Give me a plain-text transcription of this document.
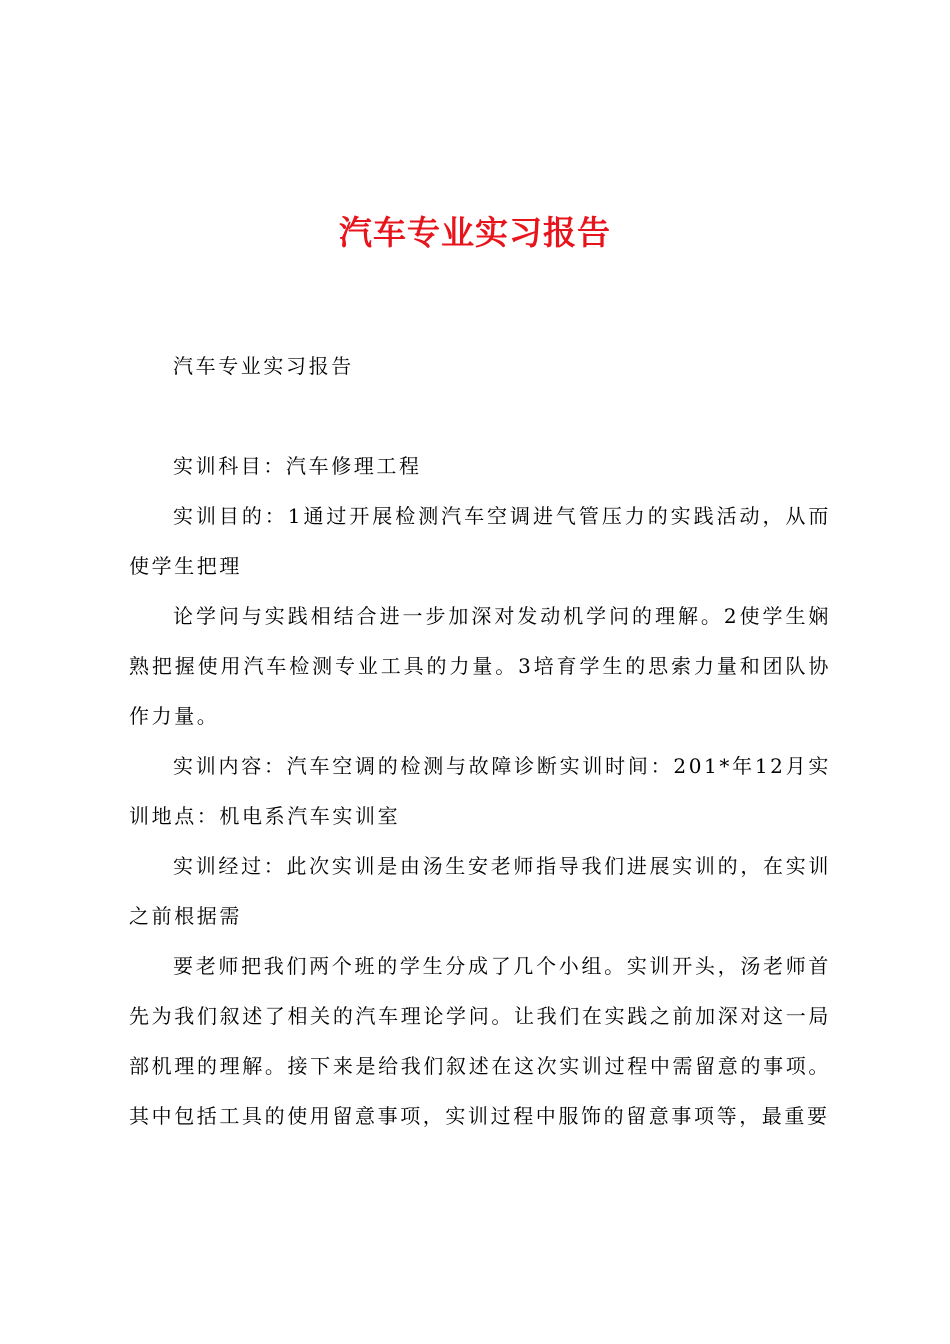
汽车专业实习报告

汽车专业实习报告

实训科目：汽车修理工程

实训目的：1通过开展检测汽车空调进气管压力的实践活动，从而使学生把理

论学问与实践相结合进一步加深对发动机学问的理解。2使学生娴熟把握使用汽车检测专业工具的力量。3培育学生的思索力量和团队协作力量。

实训内容：汽车空调的检测与故障诊断实训时间：201*年12月实训地点：机电系汽车实训室

实训经过：此次实训是由汤生安老师指导我们进展实训的，在实训之前根据需

要老师把我们两个班的学生分成了几个小组。实训开头，汤老师首先为我们叙述了相关的汽车理论学问。让我们在实践之前加深对这一局部机理的理解。接下来是给我们叙述在这次实训过程中需留意的事项。其中包括工具的使用留意事项，实训过程中服饰的留意事项等，最重要
